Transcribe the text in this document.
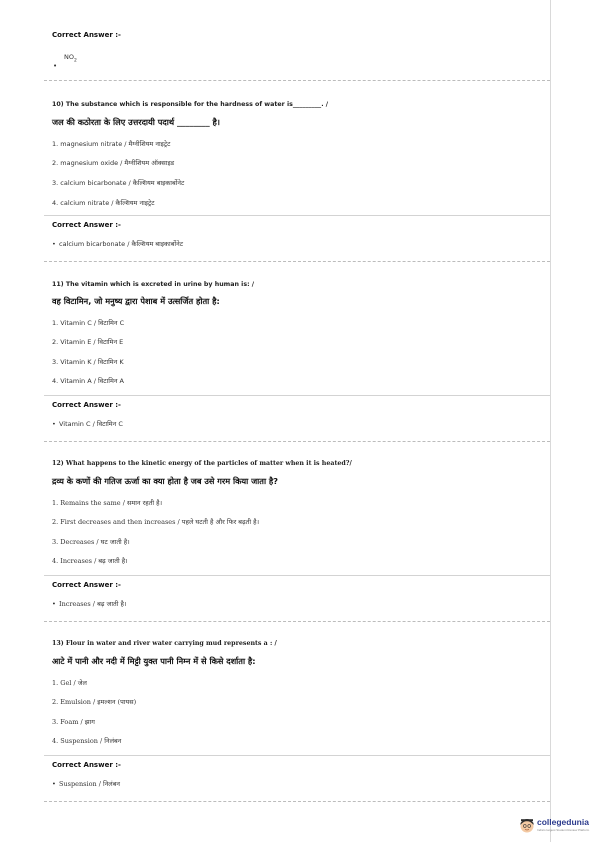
Correct Answer :-
$NO_2$
•
10) The substance which is responsible for the hardness of water is_________. /
जल की कठोरता के लिए उत्तरदायी पदार्थ ________ है।
1. magnesium nitrate / मैग्नीशियम नाइट्रेट
2. magnesium oxide / मैग्नीशियम ऑक्साइड
3. calcium bicarbonate / कैल्शियम बाइकार्बोनेट
4. calcium nitrate / कैल्शियम नाइट्रेट
Correct Answer :-
• calcium bicarbonate / कैल्शियम बाइकार्बोनेट
11) The vitamin which is excreted in urine by human is: /
वह विटामिन, जो मनुष्य द्वारा पेशाब में उत्सर्जित होता है:
1. Vitamin C / विटामिन C
2. Vitamin E / विटामिन E
3. Vitamin K / विटामिन K
4. Vitamin A / विटामिन A
Correct Answer :-
• Vitamin C / विटामिन C
12) What happens to the kinetic energy of the particles of matter when it is heated?/
द्रव्य के कणों की गतिज ऊर्जा का क्या होता है जब उसे गरम किया जाता है?
1. Remains the same / समान रहती है।
2. First decreases and then increases / पहले घटती है और फिर बढ़ती है।
3. Decreases / घट जाती है।
4. Increases / बढ़ जाती है।
Correct Answer :-
• Increases / बढ़ जाती है।
13) Flour in water and river water carrying mud represents a : /
आटे में पानी और नदी में मिट्टी युक्त पानी निम्न में से किसे दर्शाता है:
1. Gel / जेल
2. Emulsion / इमल्शन (पायस)
3. Foam / झाग
4. Suspension / निलंबन
Correct Answer :-
• Suspension / निलंबन
collegedunia
India's largest Student Review Platform
